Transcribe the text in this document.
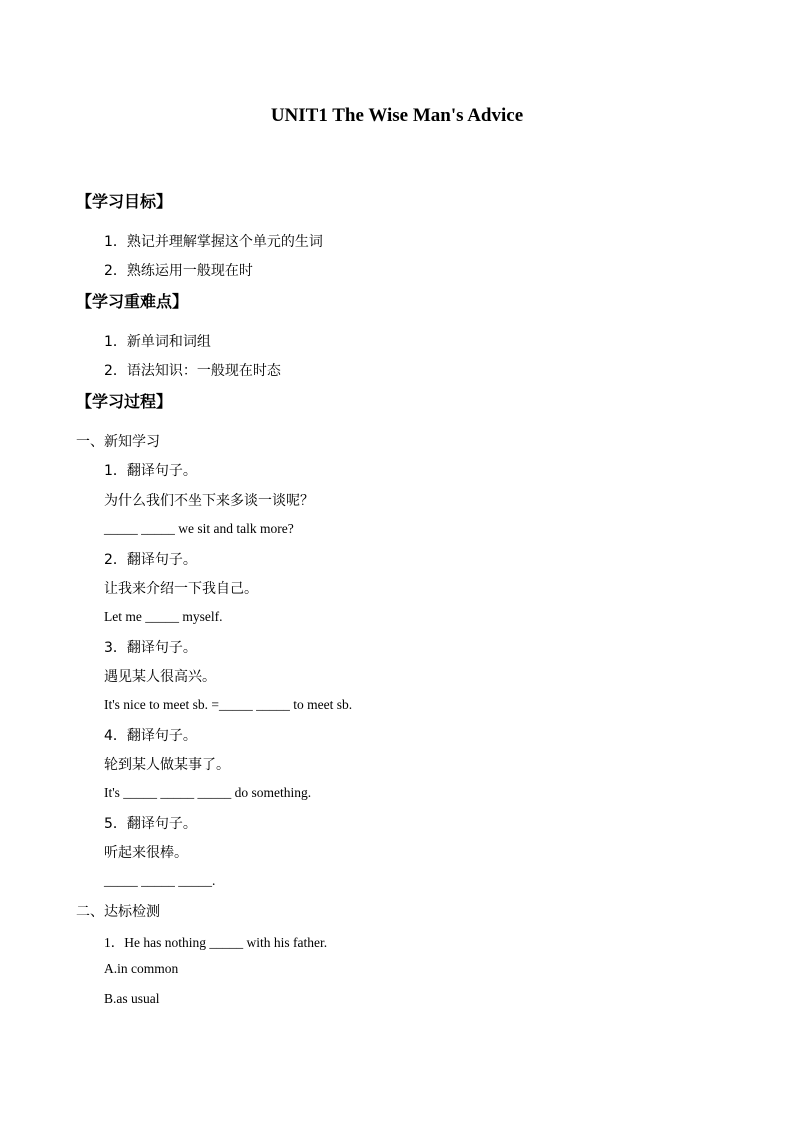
UNIT1 The Wise Man's Advice
【学习目标】
1．熟记并理解掌握这个单元的生词
2．熟练运用一般现在时
【学习重难点】
1．新单词和词组
2．语法知识：一般现在时态
【学习过程】
一、新知学习
1．翻译句子。
为什么我们不坐下来多谈一谈呢？
_____ _____ we sit and talk more?
2．翻译句子。
让我来介绍一下我自己。
Let me _____ myself.
3．翻译句子。
遇见某人很高兴。
It's nice to meet sb. =_____ _____ to meet sb.
4．翻译句子。
轮到某人做某事了。
It's _____ _____ _____ do something.
5．翻译句子。
听起来很棒。
_____ _____ _____.
二、达标检测
1．He has nothing _____ with his father.
A.in common
B.as usual
